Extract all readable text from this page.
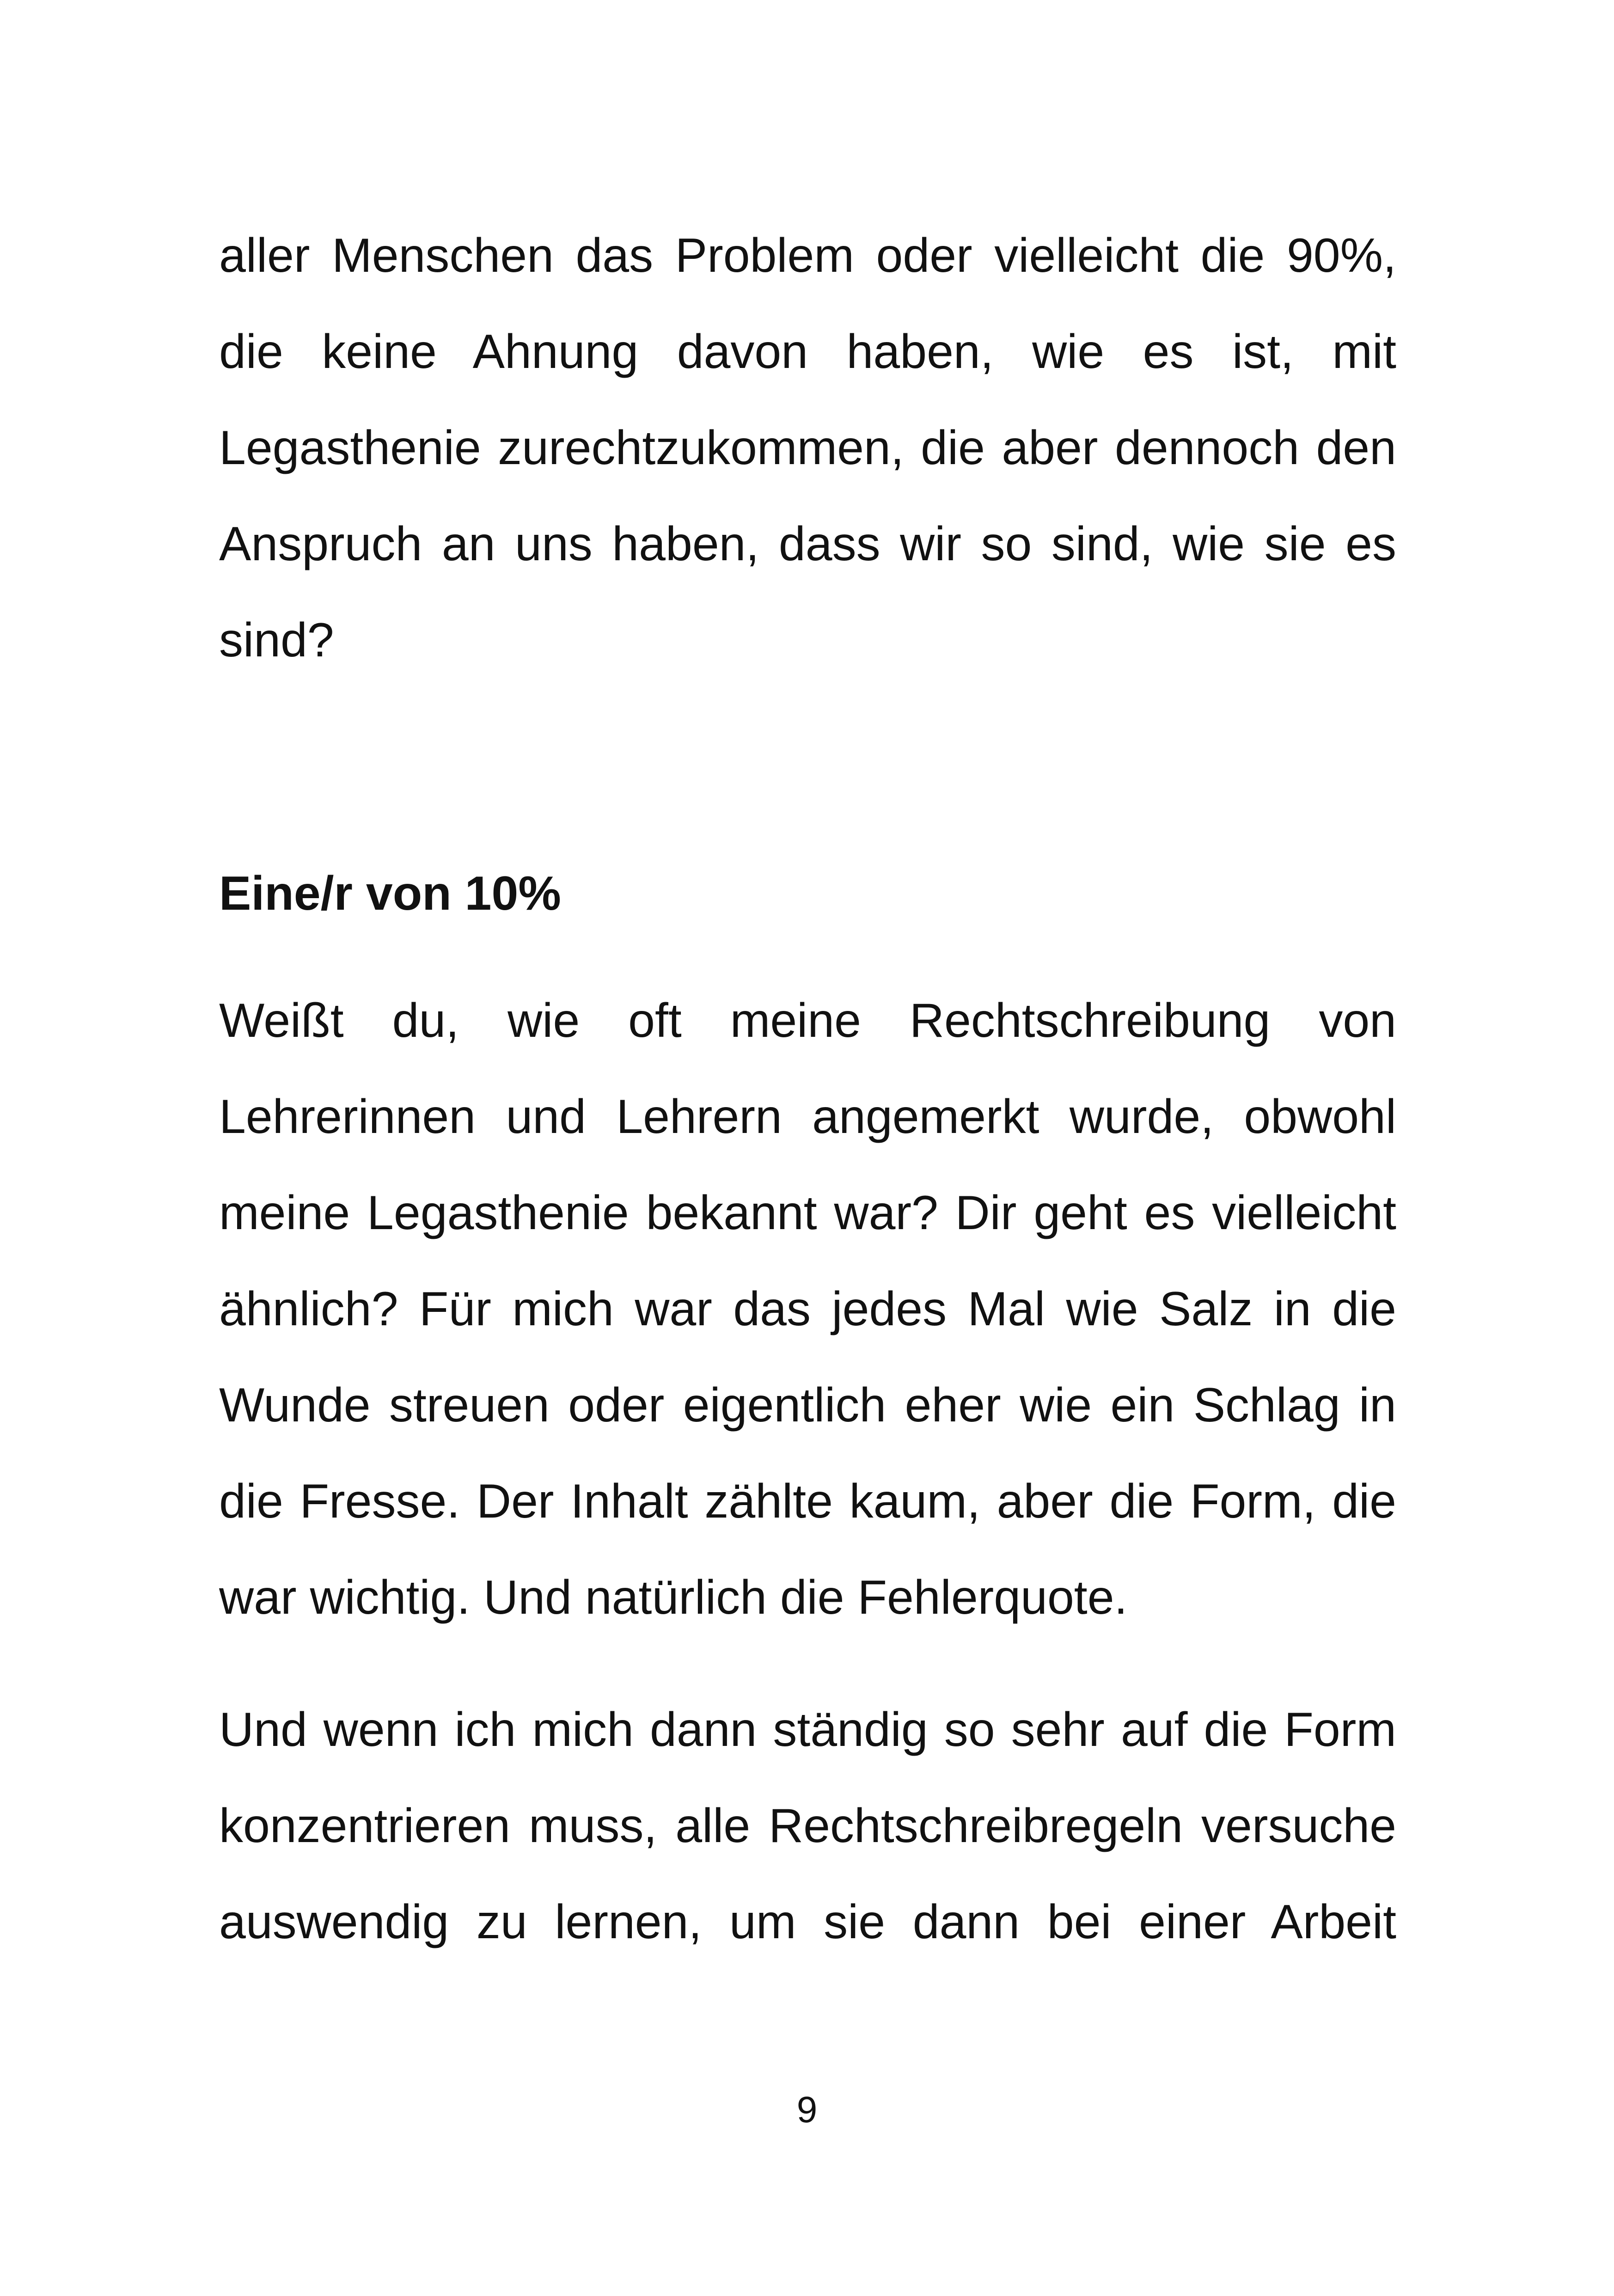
aller Menschen das Problem oder vielleicht die 90%,
die keine Ahnung davon haben, wie es ist, mit
Legasthenie zurechtzukommen, die aber dennoch den
Anspruch an uns haben, dass wir so sind, wie sie es
sind?
Eine/r von 10%
Weißt du, wie oft meine Rechtschreibung von
Lehrerinnen und Lehrern angemerkt wurde, obwohl
meine Legasthenie bekannt war? Dir geht es vielleicht
ähnlich? Für mich war das jedes Mal wie Salz in die
Wunde streuen oder eigentlich eher wie ein Schlag in
die Fresse. Der Inhalt zählte kaum, aber die Form, die
war wichtig. Und natürlich die Fehlerquote.
Und wenn ich mich dann ständig so sehr auf die Form
konzentrieren muss, alle Rechtschreibregeln versuche
auswendig zu lernen, um sie dann bei einer Arbeit
9
